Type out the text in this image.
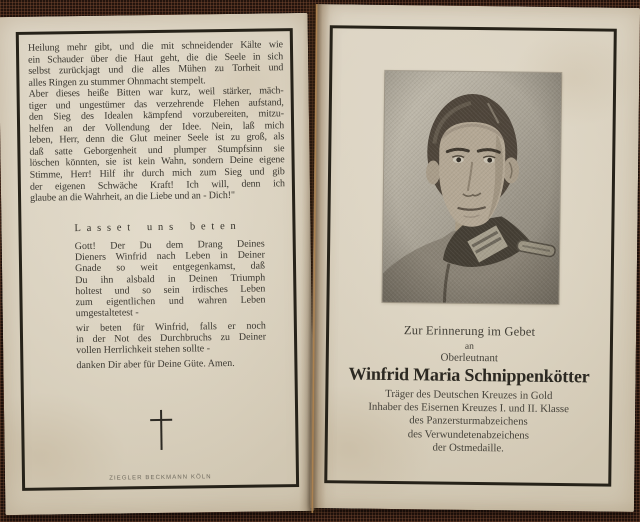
Heilung mehr gibt, und die mit schneidender Kälte wie
ein Schauder über die Haut geht, die die Seele in sich
selbst zurückjagt und die alles Mühen zu Torheit und
alles Ringen zu stummer Ohnmacht stempelt.
Aber dieses heiße Bitten war kurz, weil stärker, mäch-
tiger und ungestümer das verzehrende Flehen aufstand,
den Sieg des Idealen kämpfend vorzubereiten, mitzu-
helfen an der Vollendung der Idee. Nein, laß mich
leben, Herr, denn die Glut meiner Seele ist zu groß, als
daß satte Geborgenheit und plumper Stumpfsinn sie
löschen könnten, sie ist kein Wahn, sondern Deine eigene
Stimme, Herr! Hilf ihr durch mich zum Sieg und gib
der eigenen Schwäche Kraft! Ich will, denn ich
glaube an die Wahrheit, an die Liebe und an - Dich!"
Lasset uns beten
Gott! Der Du dem Drang Deines
Dieners Winfrid nach Leben in Deiner
Gnade so weit entgegenkamst, daß
Du ihn alsbald in Deinen Triumph
holtest und so sein irdisches Leben
zum eigentlichen und wahren Leben
umgestaltetest -
wir beten für Winfrid, falls er noch
in der Not des Durchbruchs zu Deiner
vollen Herrlichkeit stehen sollte -
danken Dir aber für Deine Güte. Amen.
ZIEGLER BECKMANN KÖLN
Zur Erinnerung im Gebet
an
Oberleutnant
Winfrid Maria Schnippenkötter
Träger des Deutschen Kreuzes in Gold
Inhaber des Eisernen Kreuzes I. und II. Klasse
des Panzersturmabzeichens
des Verwundetenabzeichens
der Ostmedaille.
